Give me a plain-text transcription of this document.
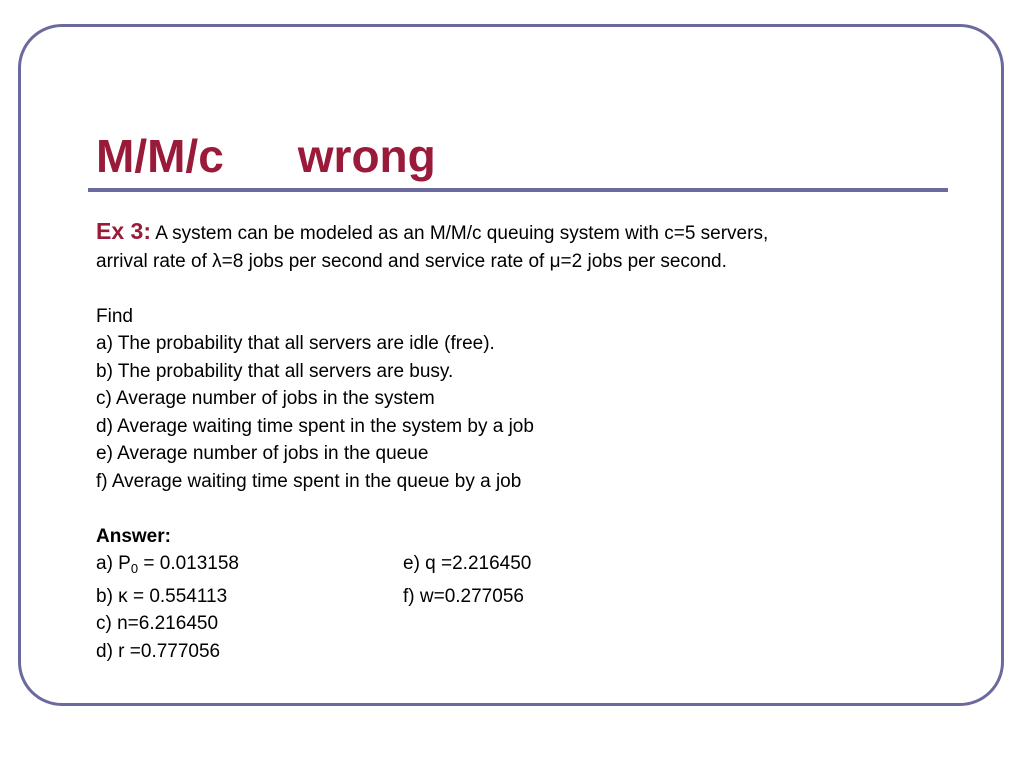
M/M/c wrong
Ex 3: A system can be modeled as an M/M/c queuing system with c=5 servers,
arrival rate of λ=8 jobs per second and service rate of μ=2 jobs per second.
Find
a) The probability that all servers are idle (free).
b) The probability that all servers are busy.
c) Average number of jobs in the system
d) Average waiting time spent in the system by a job
e) Average number of jobs in the queue
f) Average waiting time spent in the queue by a job
Answer:
a) $P_0 = 0.013158$	e) q =2.216450
b) κ = 0.554113	f) w=0.277056
c) n=6.216450
d) r =0.777056
